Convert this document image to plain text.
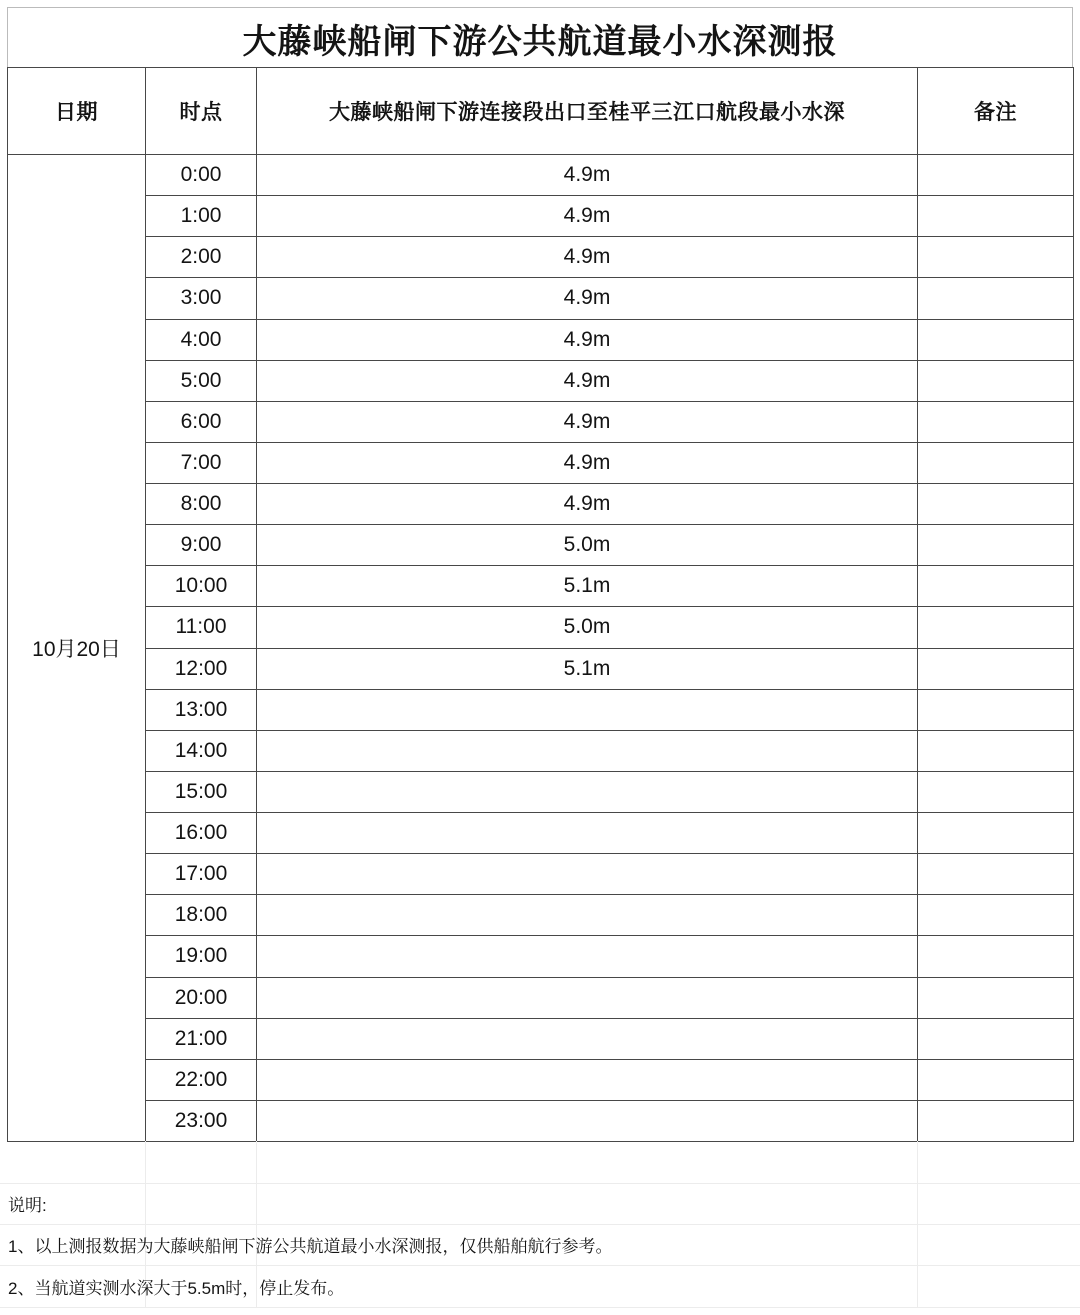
大藤峡船闸下游公共航道最小水深测报
日期	时点	大藤峡船闸下游连接段出口至桂平三江口航段最小水深	备注
10月20日	0:00	4.9m	
	1:00	4.9m	
	2:00	4.9m	
	3:00	4.9m	
	4:00	4.9m	
	5:00	4.9m	
	6:00	4.9m	
	7:00	4.9m	
	8:00	4.9m	
	9:00	5.0m	
	10:00	5.1m	
	11:00	5.0m	
	12:00	5.1m	
	13:00		
	14:00		
	15:00		
	16:00		
	17:00		
	18:00		
	19:00		
	20:00		
	21:00		
	22:00		
	23:00		
说明:
1、以上测报数据为大藤峡船闸下游公共航道最小水深测报，仅供船舶航行参考。
2、当航道实测水深大于5.5m时，停止发布。
